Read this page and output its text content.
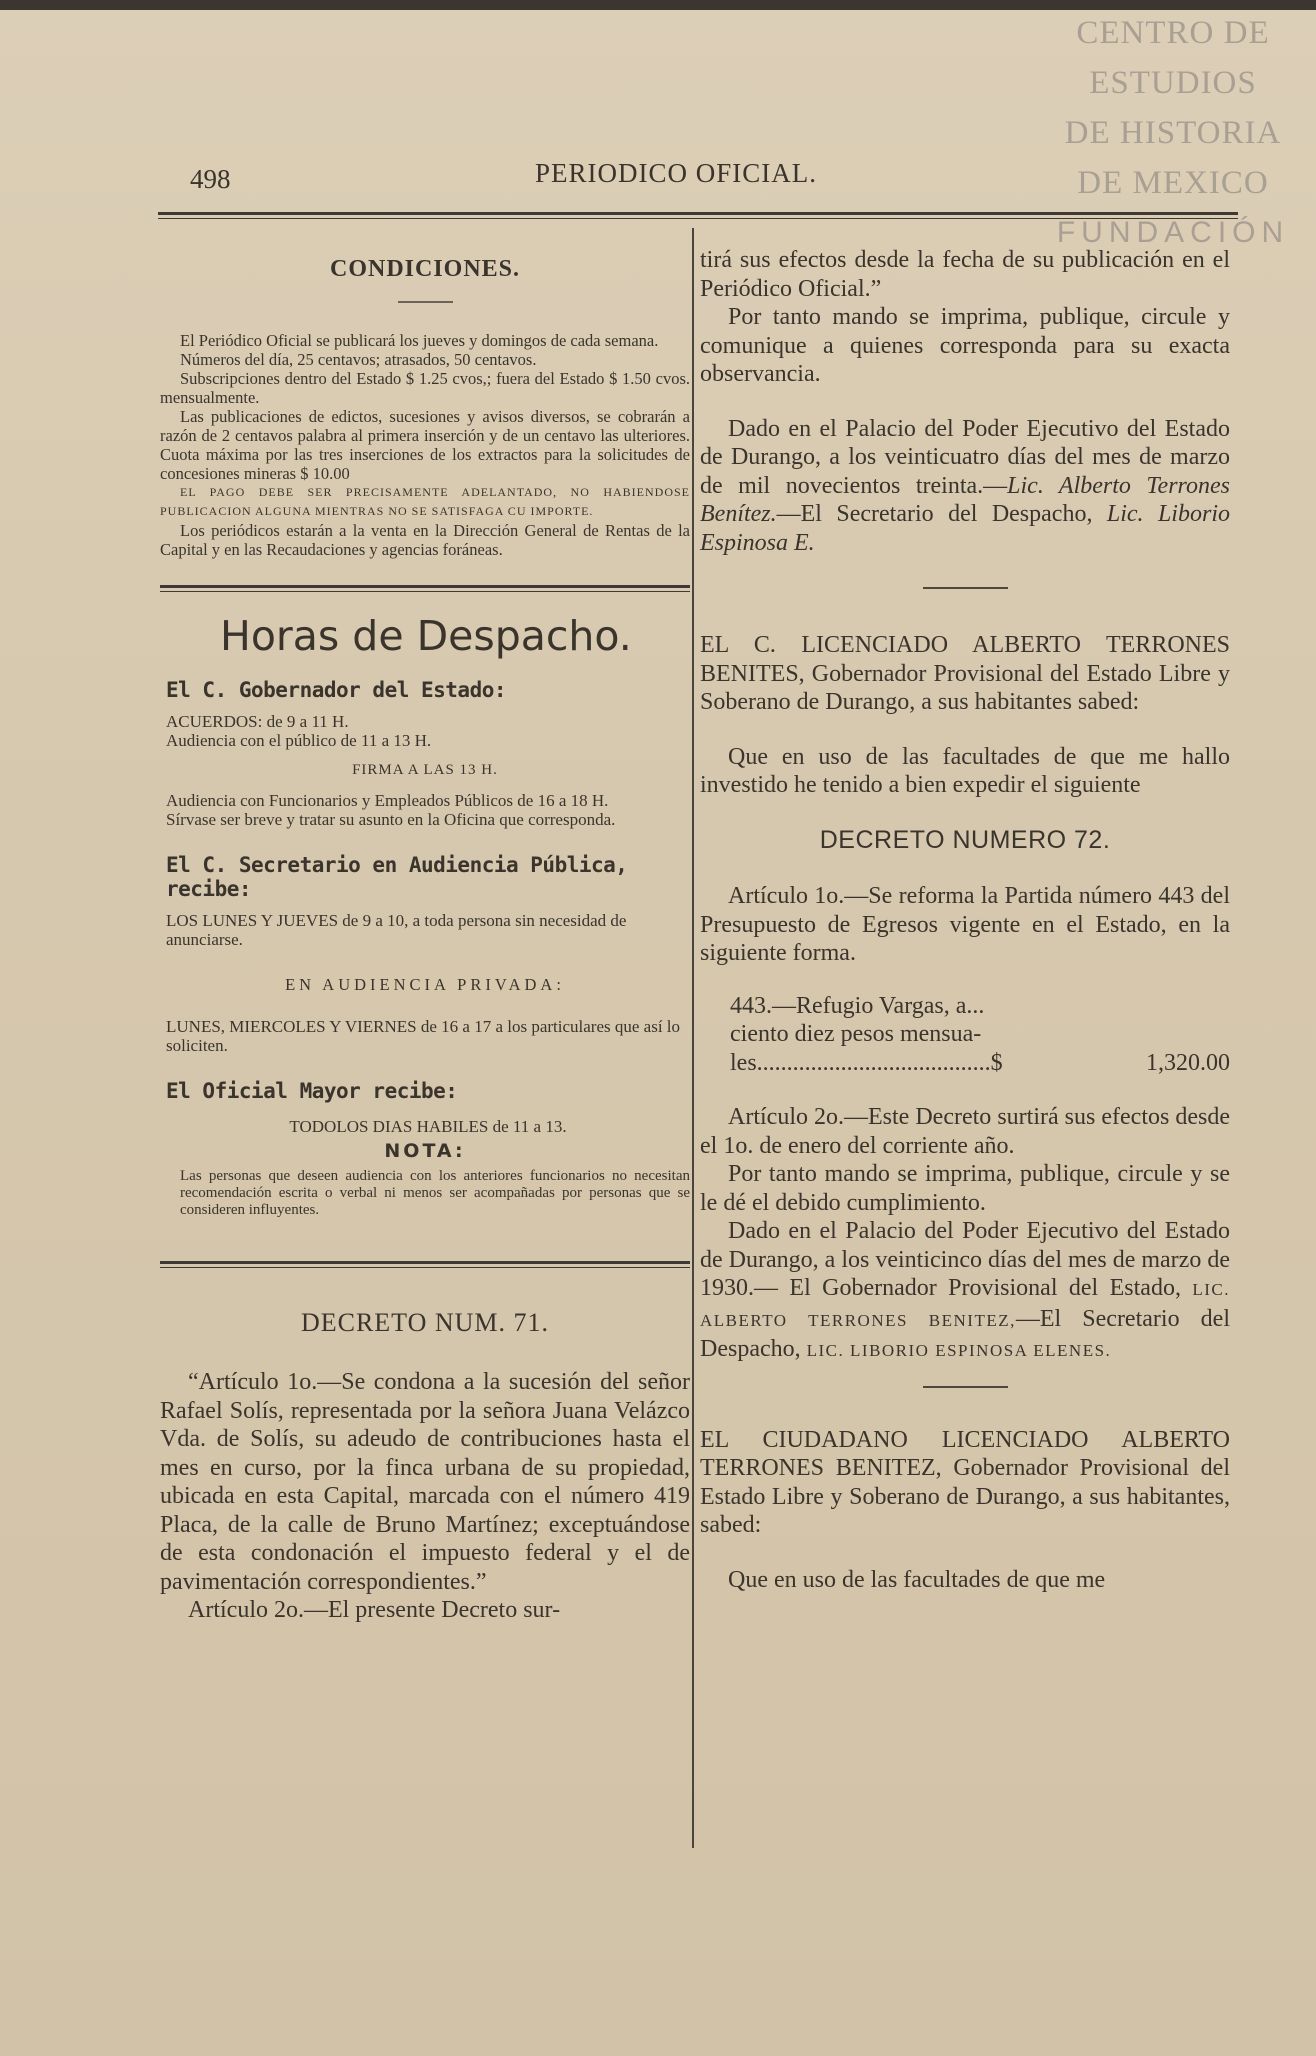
CENTRO DE
ESTUDIOS
DE HISTORIA
DE MEXICO
FUNDACIÓN
498	PERIODICO OFICIAL.
CONDICIONES.

El Periódico Oficial se publicará los jueves y domingos de cada semana.

Números del día, 25 centavos; atrasados, 50 centavos.

Subscripciones dentro del Estado $ 1.25 cvos,; fuera del Estado $ 1.50 cvos. mensualmente.

Las publicaciones de edictos, sucesiones y avisos diversos, se cobrarán a razón de 2 centavos palabra al primera inserción y de un centavo las ulteriores. Cuota máxima por las tres inserciones de los extractos para la solicitudes de concesiones mineras $ 10.00

EL PAGO DEBE SER PRECISAMENTE ADELANTADO, NO HABIENDOSE PUBLICACION ALGUNA MIENTRAS NO SE SATISFAGA CU IMPORTE.

Los periódicos estarán a la venta en la Dirección General de Rentas de la Capital y en las Recaudaciones y agencias foráneas.

Horas de Despacho.
El C. Gobernador del Estado:
ACUERDOS: de 9 a 11 H.
Audiencia con el público de 11 a 13 H.
FIRMA A LAS 13 H.
Audiencia con Funcionarios y Empleados Públicos de 16 a 18 H.
Sírvase ser breve y tratar su asunto en la Oficina que corresponda.
El C. Secretario en Audiencia Pública, recibe:
LOS LUNES Y JUEVES de 9 a 10, a toda persona sin necesidad de anunciarse.
EN AUDIENCIA PRIVADA:
LUNES, MIERCOLES Y VIERNES de 16 a 17 a los particulares que así lo soliciten.
El Oficial Mayor recibe:
TODOLOS DIAS HABILES de 11 a 13.
NOTA:
Las personas que deseen audiencia con los anteriores funcionarios no necesitan recomendación escrita o verbal ni menos ser acompañadas por personas que se consideren influyentes.
DECRETO NUM. 71.

“Artículo 1o.—Se condona a la sucesión del señor Rafael Solís, representada por la señora Juana Velázco Vda. de Solís, su adeudo de contribuciones hasta el mes en curso, por la finca urbana de su propiedad, ubicada en esta Capital, marcada con el número 419 Placa, de la calle de Bruno Martínez; exceptuándose de esta condonación el impuesto federal y el de pavimentación correspondientes.”

Artículo 2o.—El presente Decreto sur-

tirá sus efectos desde la fecha de su publicación en el Periódico Oficial.”

Por tanto mando se imprima, publique, circule y comunique a quienes corresponda para su exacta observancia.

Dado en el Palacio del Poder Ejecutivo del Estado de Durango, a los veinticuatro días del mes de marzo de mil novecientos treinta.—Lic. Alberto Terrones Benítez.—El Secretario del Despacho, Lic. Liborio Espinosa E.

EL C. LICENCIADO ALBERTO TERRONES BENITES, Gobernador Provisional del Estado Libre y Soberano de Durango, a sus habitantes sabed:

Que en uso de las facultades de que me hallo investido he tenido a bien expedir el siguiente

DECRETO NUMERO 72.

Artículo 1o.—Se reforma la Partida número 443 del Presupuesto de Egresos vigente en el Estado, en la siguiente forma.

443.—Refugio Vargas, a...
ciento diez pesos mensua-
les.......................................$	1,320.00

Artículo 2o.—Este Decreto surtirá sus efectos desde el 1o. de enero del corriente año.

Por tanto mando se imprima, publique, circule y se le dé el debido cumplimiento.

Dado en el Palacio del Poder Ejecutivo del Estado de Durango, a los veinticinco días del mes de marzo de 1930.— El Gobernador Provisional del Estado, LIC. ALBERTO TERRONES BENITEZ,—El Secretario del Despacho, LIC. LIBORIO ESPINOSA ELENES.

EL CIUDADANO LICENCIADO ALBERTO TERRONES BENITEZ, Gobernador Provisional del Estado Libre y Soberano de Durango, a sus habitantes, sabed:

Que en uso de las facultades de que me
